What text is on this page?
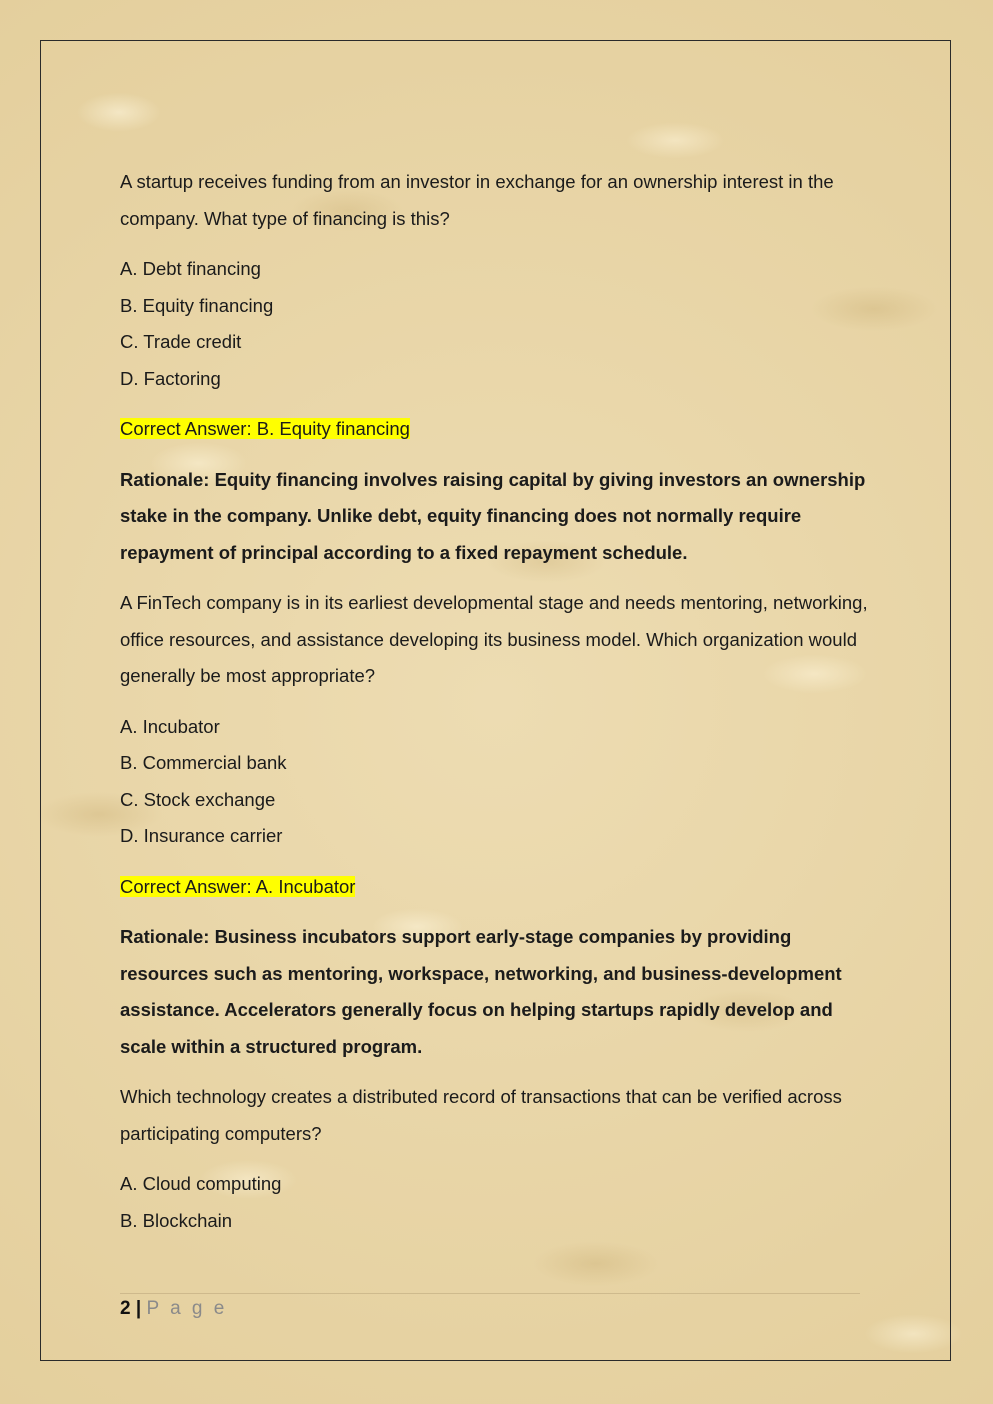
A startup receives funding from an investor in exchange for an ownership interest in the company. What type of financing is this?

A. Debt financing
B. Equity financing
C. Trade credit
D. Factoring

Correct Answer: B. Equity financing

Rationale: Equity financing involves raising capital by giving investors an ownership stake in the company. Unlike debt, equity financing does not normally require repayment of principal according to a fixed repayment schedule.

A FinTech company is in its earliest developmental stage and needs mentoring, networking, office resources, and assistance developing its business model. Which organization would generally be most appropriate?

A. Incubator
B. Commercial bank
C. Stock exchange
D. Insurance carrier

Correct Answer: A. Incubator

Rationale: Business incubators support early-stage companies by providing resources such as mentoring, workspace, networking, and business-development assistance. Accelerators generally focus on helping startups rapidly develop and scale within a structured program.

Which technology creates a distributed record of transactions that can be verified across participating computers?

A. Cloud computing
B. Blockchain
2 | P a g e
